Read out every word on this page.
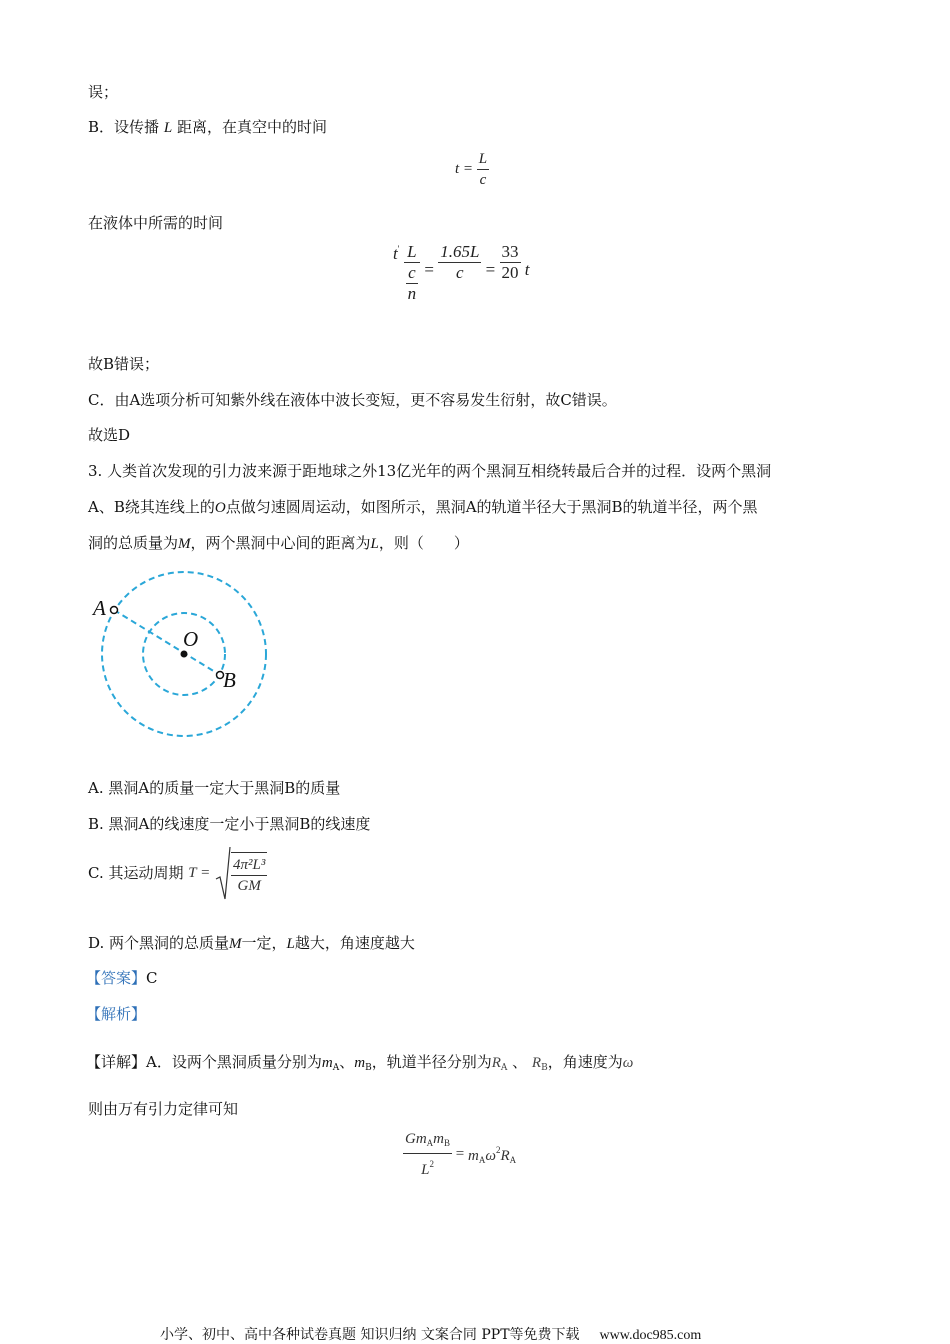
误；
B．设传播 L 距离，在真空中的时间
$t = \frac{L}{c}$
在液体中所需的时间
$t' \frac{L}{\frac{c}{n}} = \frac{1.65L}{c} = \frac{33}{20}$ t
故B错误；
C．由A选项分析可知紫外线在液体中波长变短，更不容易发生衍射，故C错误。
故选D
3. 人类首次发现的引力波来源于距地球之外13亿光年的两个黑洞互相绕转最后合并的过程．设两个黑洞
A、B绕其连线上的O点做匀速圆周运动，如图所示，黑洞A的轨道半径大于黑洞B的轨道半径，两个黑
洞的总质量为M，两个黑洞中心间的距离为L，则（　　）
A
O
B
A. 黑洞A的质量一定大于黑洞B的质量
B. 黑洞A的线速度一定小于黑洞B的线速度
C. 其运动周期 $T = \frac{\text{4π²L³}}{GM}$
D. 两个黑洞的总质量M一定，L越大，角速度越大
【答案】C
【解析】
【详解】A．设两个黑洞质量分别为$m_A$、$m_B$，轨道半径分别为$R_A$ 、 $R_B$，角速度为ω
则由万有引力定律可知
$\frac{Gm_Am_B}{L^2} = m_A\omega^2R_A$
小学、初中、高中各种试卷真题 知识归纳 文案合同 PPT等免费下载 www.doc985.com
